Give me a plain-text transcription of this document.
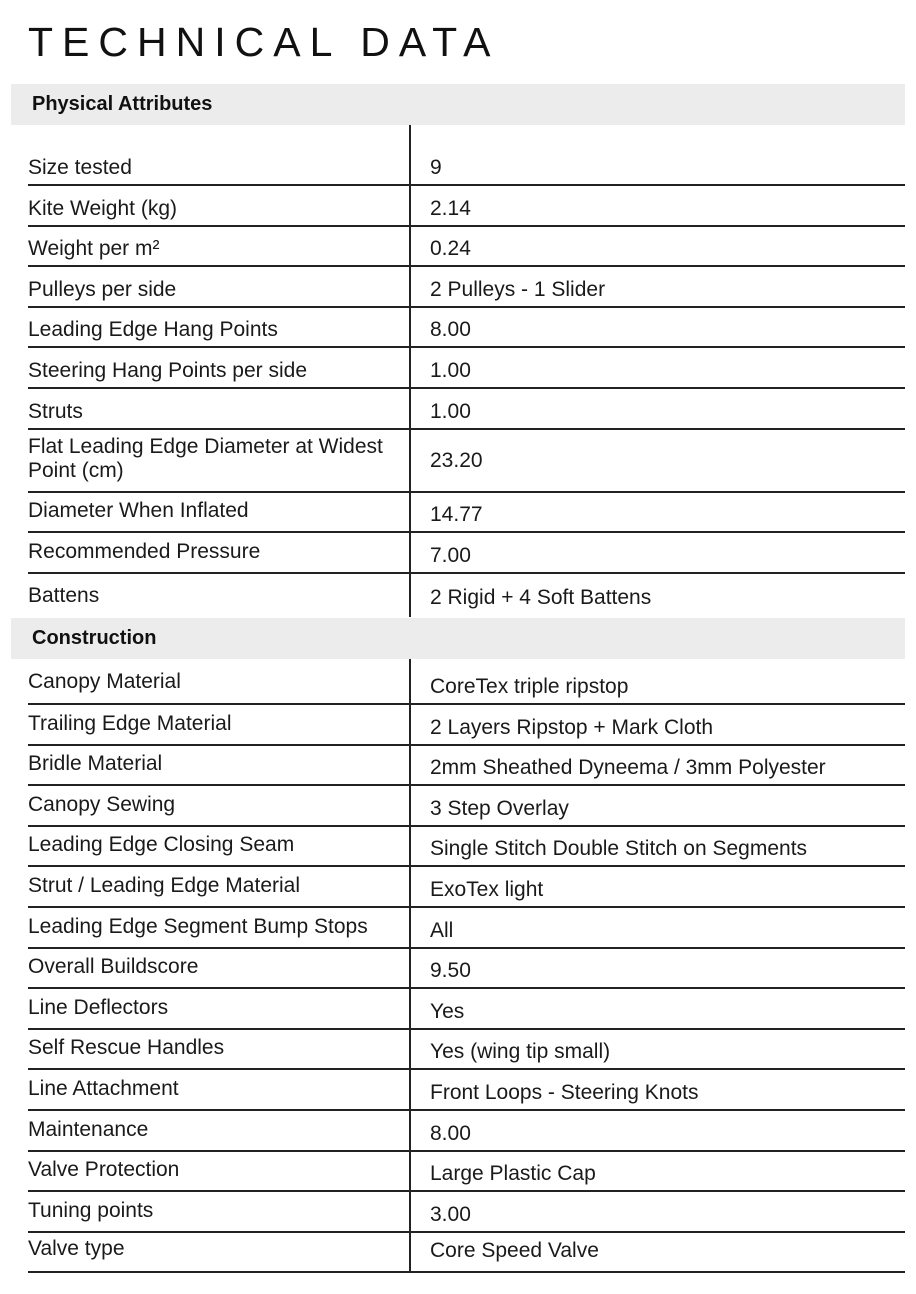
TECHNICAL DATA
Physical Attributes
Size tested	9
Kite Weight (kg)	2.14
Weight per m²	0.24
Pulleys per side	2 Pulleys - 1 Slider
Leading Edge Hang Points	8.00
Steering Hang Points per side	1.00
Struts	1.00
Flat Leading Edge Diameter at Widest Point (cm)	23.20
Diameter When Inflated	14.77
Recommended Pressure	7.00
Battens	2 Rigid + 4 Soft Battens
Construction
Canopy Material	CoreTex triple ripstop
Trailing Edge Material	2 Layers Ripstop + Mark Cloth
Bridle Material	2mm Sheathed Dyneema / 3mm Polyester
Canopy Sewing	3 Step Overlay
Leading Edge Closing Seam	Single Stitch Double Stitch on Segments
Strut / Leading Edge Material	ExoTex light
Leading Edge Segment Bump Stops	All
Overall Buildscore	9.50
Line Deflectors	Yes
Self Rescue Handles	Yes (wing tip small)
Line Attachment	Front Loops - Steering Knots
Maintenance	8.00
Valve Protection	Large Plastic Cap
Tuning points	3.00
Valve type	Core Speed Valve
